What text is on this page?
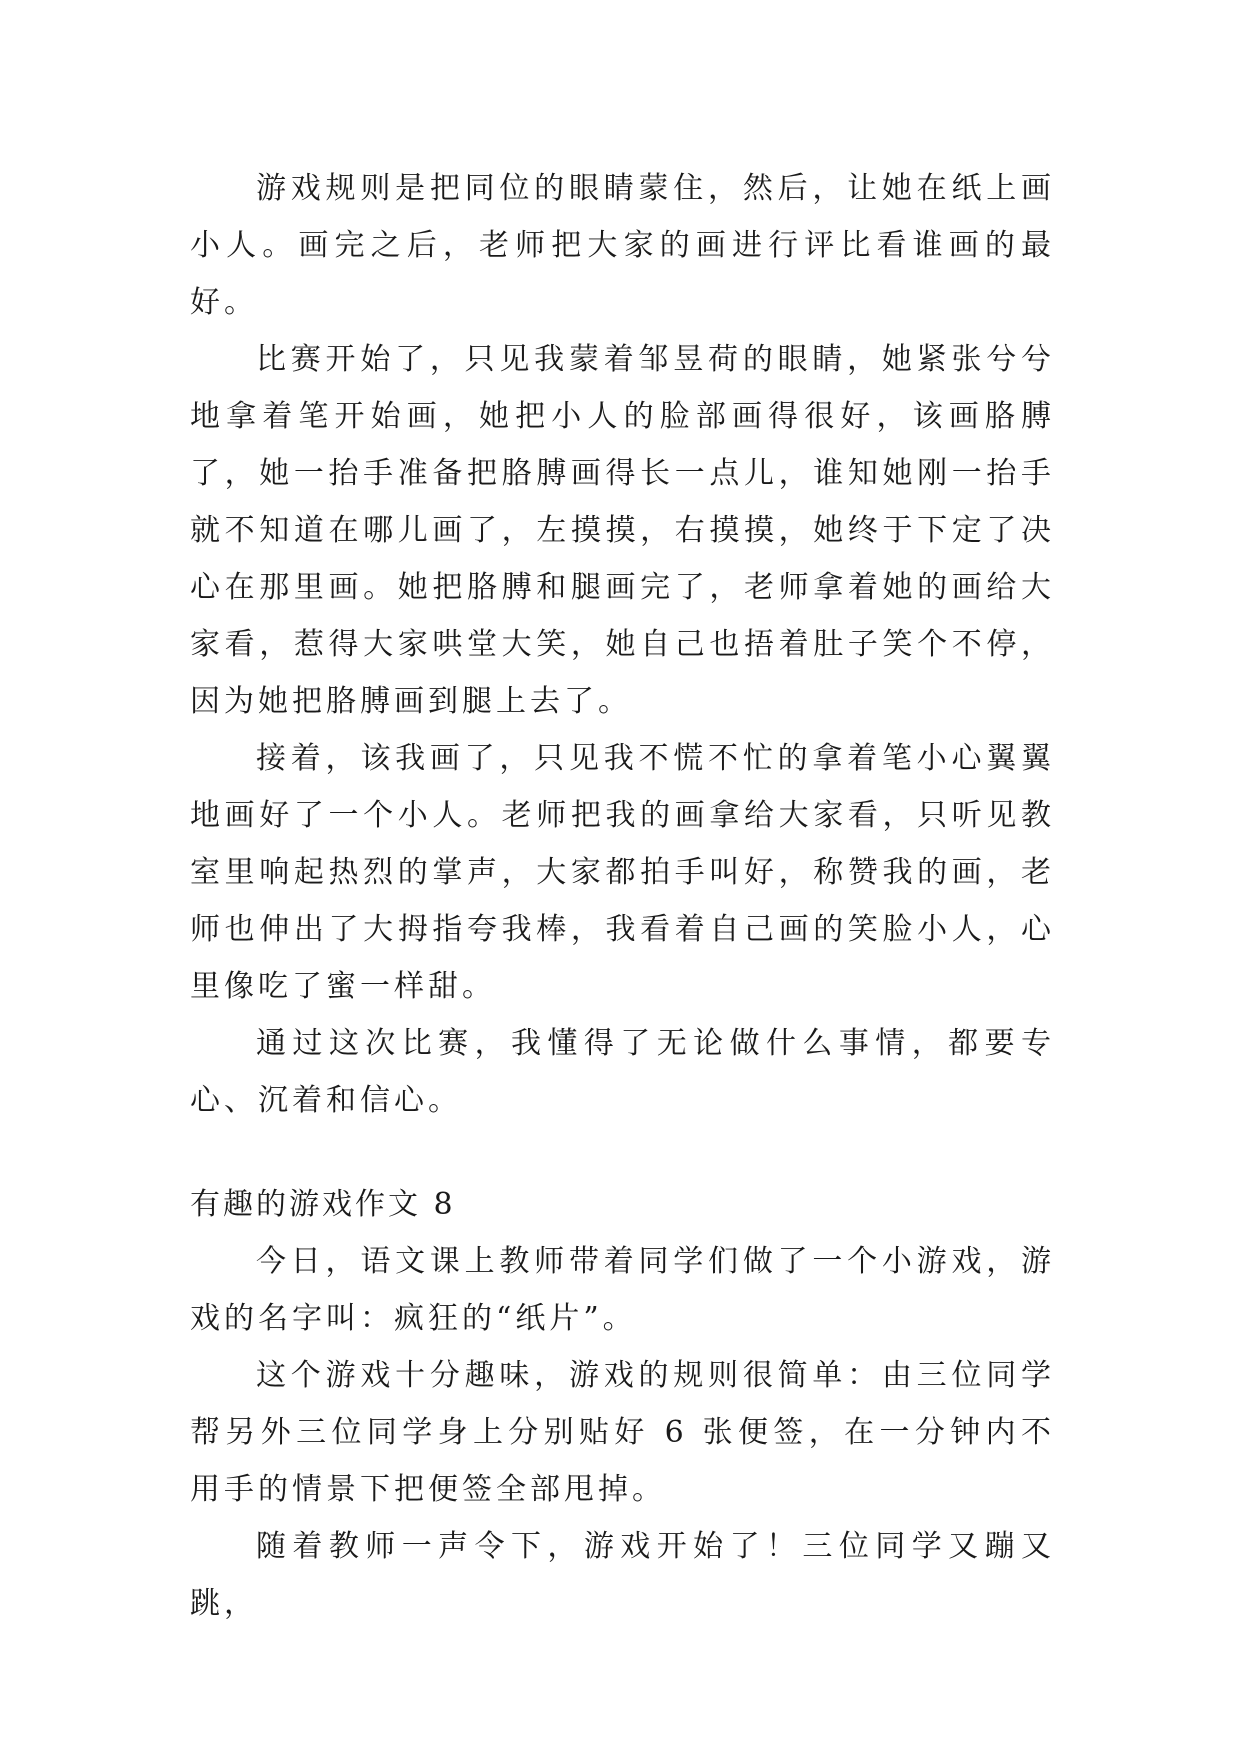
游戏规则是把同位的眼睛蒙住，然后，让她在纸上画小人。画完之后，老师把大家的画进行评比看谁画的最好。

比赛开始了，只见我蒙着邹昱荷的眼睛，她紧张兮兮地拿着笔开始画，她把小人的脸部画得很好，该画胳膊了，她一抬手准备把胳膊画得长一点儿，谁知她刚一抬手就不知道在哪儿画了，左摸摸，右摸摸，她终于下定了决心在那里画。她把胳膊和腿画完了，老师拿着她的画给大家看，惹得大家哄堂大笑，她自己也捂着肚子笑个不停，因为她把胳膊画到腿上去了。

接着，该我画了，只见我不慌不忙的拿着笔小心翼翼地画好了一个小人。老师把我的画拿给大家看，只听见教室里响起热烈的掌声，大家都拍手叫好，称赞我的画，老师也伸出了大拇指夸我棒，我看着自己画的笑脸小人，心里像吃了蜜一样甜。

通过这次比赛，我懂得了无论做什么事情，都要专心、沉着和信心。

有趣的游戏作文 8

今日，语文课上教师带着同学们做了一个小游戏，游戏的名字叫：疯狂的“纸片”。

这个游戏十分趣味，游戏的规则很简单：由三位同学帮另外三位同学身上分别贴好 6 张便签，在一分钟内不用手的情景下把便签全部甩掉。

随着教师一声令下，游戏开始了！三位同学又蹦又跳，
